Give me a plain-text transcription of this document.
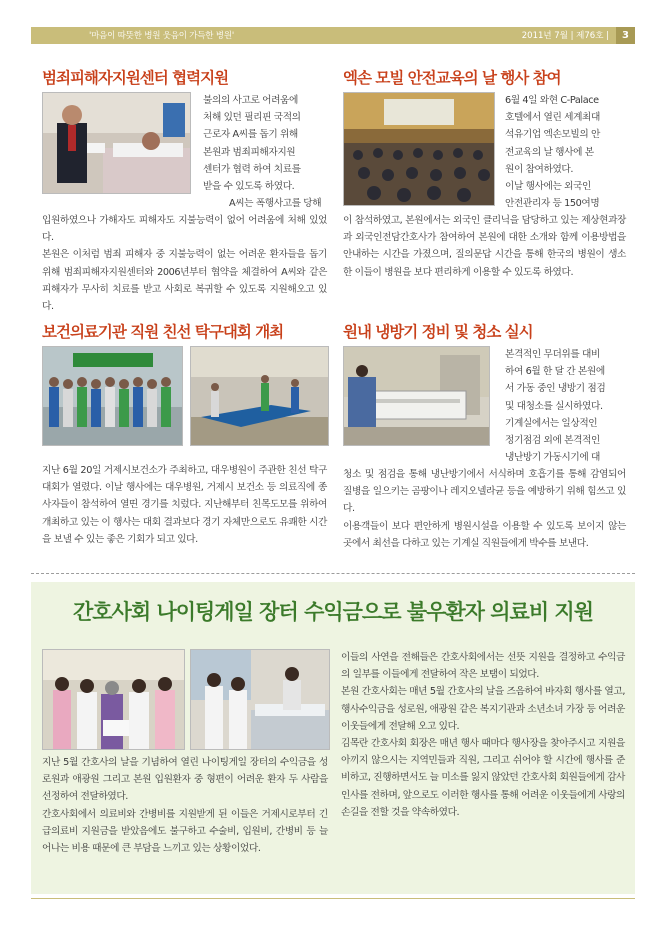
'마음이 따뜻한 병원 웃음이 가득한 병원'	2011년 7월 | 제76호 |	3
범죄피해자지원센터 협력지원

불의의 사고로 어려움에

처해 있던 필리핀 국적의

근로자 A씨를 돕기 위해

본원과 범죄피해자지원

센터가 협력 하여 치료를

받을 수 있도록 하였다.

A씨는 폭행사고를 당해

입원하였으나 가해자도 피해자도 지불능력이 없어 어려움에 처해 있었다.

본원은 이처럼 범죄 피해자 중 지불능력이 없는 어려운 환자들을 돕기 위해 범죄피해자지원센터와 2006년부터 협약을 체결하여 A씨와 같은 피해자가 무사히 치료를 받고 사회로 복귀할 수 있도록 지원해오고 있다.

엑손 모빌 안전교육의 날 행사 참여

6월 4일 와현 C-Palace

호텔에서 열린 세계최대

석유기업 엑손모빌의 안

전교육의 날 행사에 본

원이 참여하였다.

이날 행사에는 외국인

안전관리자 등 150여명

이 참석하였고, 본원에서는 외국인 클리닉을 담당하고 있는 제상현과장과 외국인전담간호사가 참여하여 본원에 대한 소개와 함께 이용방법을 안내하는 시간을 가졌으며, 질의문답 시간을 통해 한국의 병원이 생소한 이들이 병원을 보다 편리하게 이용할 수 있도록 하였다.

보건의료기관 직원 친선 탁구대회 개최

지난 6월 20일 거제시보건소가 주최하고, 대우병원이 주관한 친선 탁구대회가 열렸다. 이날 행사에는 대우병원, 거제시 보건소 등 의료직에 종사자들이 참석하여 열띤 경기를 치렀다. 지난해부터 친목도모를 위하여 개최하고 있는 이 행사는 대회 결과보다 경기 자체만으로도 유쾌한 시간을 보낼 수 있는 좋은 기회가 되고 있다.

원내 냉방기 정비 및 청소 실시

본격적인 무더위를 대비

하여 6월 한 달 간 본원에

서 가동 중인 냉방기 점검

및 대청소를 실시하였다.

기계실에서는 일상적인

정기점검 외에 본격적인

냉난방기 가동시기에 대

청소 및 점검을 통해 냉난방기에서 서식하며 호흡기를 통해 감염되어 질병을 일으키는 곰팡이나 레지오넬라균 등을 예방하기 위해 힘쓰고 있다.

이용객들이 보다 편안하게 병원시설을 이용할 수 있도록 보이지 않는 곳에서 최선을 다하고 있는 기계실 직원들에게 박수를 보낸다.

간호사회 나이팅게일 장터 수익금으로 불우환자 의료비 지원

지난 5월 간호사의 날을 기념하여 열린 나이팅게일 장터의 수익금을 성로원과 애광원 그리고 본원 입원환자 중 형편이 어려운 환자 두 사람을 선정하여 전달하였다.

간호사회에서 의료비와 간병비를 지원받게 된 이들은 거제시로부터 긴급의료비 지원금을 받았음에도 불구하고 수술비, 입원비, 간병비 등 늘어나는 비용 때문에 큰 부담을 느끼고 있는 상황이었다.

이들의 사연을 전해들은 간호사회에서는 선뜻 지원을 결정하고 수익금의 일부를 이들에게 전달하여 작은 보탬이 되었다.

본원 간호사회는 매년 5월 간호사의 날을 즈음하여 바자회 행사를 열고, 행사수익금을 성로원, 애광원 같은 복지기관과 소년소녀 가장 등 어려운 이웃들에게 전달해 오고 있다.

김목란 간호사회 회장은 매년 행사 때마다 행사장을 찾아주시고 지원을 아끼지 않으시는 지역민들과 직원, 그리고 쉬어야 할 시간에 행사를 준비하고, 진행하면서도 늘 미소를 잃지 않았던 간호사회 회원들에게 감사인사를 전하며, 앞으로도 이러한 행사를 통해 어려운 이웃들에게 사랑의 손길을 전할 것을 약속하였다.
